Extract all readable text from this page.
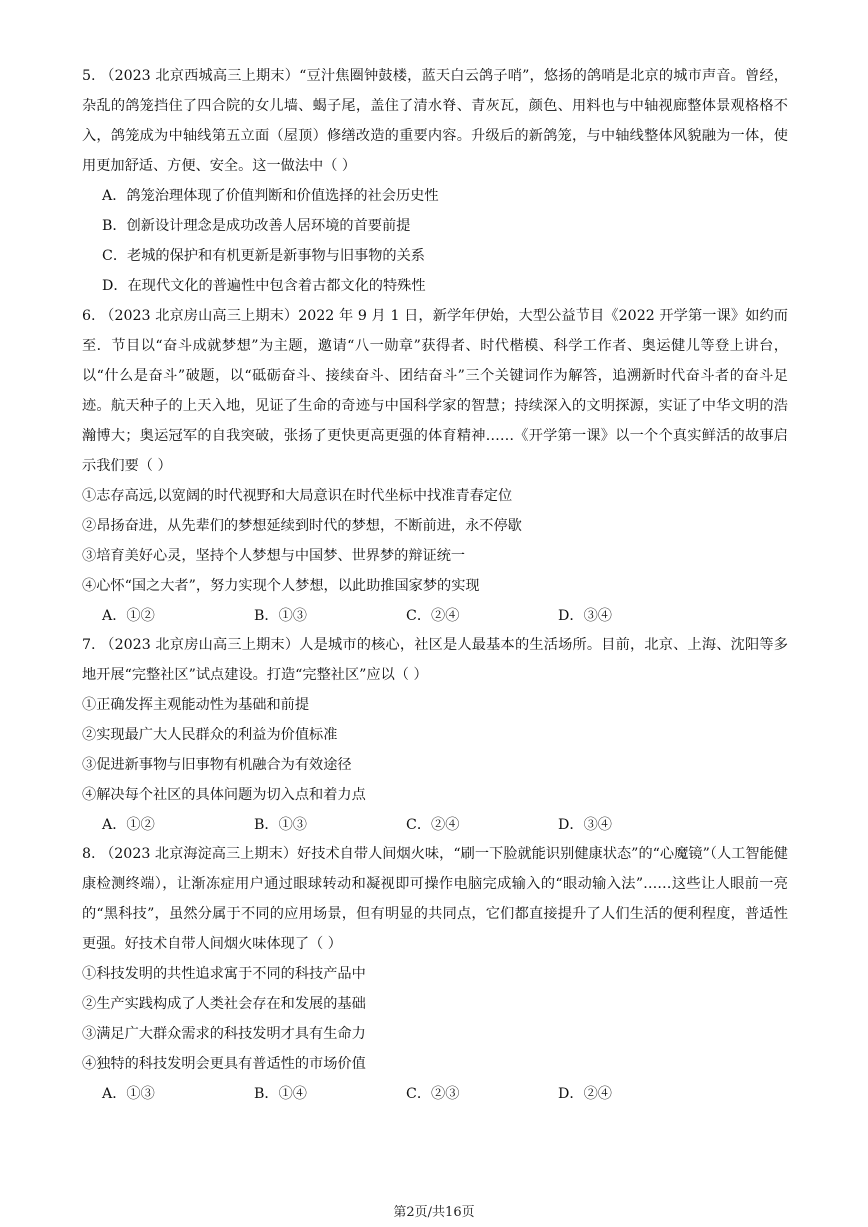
5. （2023 北京西城高三上期末）“豆汁焦圈钟鼓楼，蓝天白云鸽子哨”，悠扬的鸽哨是北京的城市声音。曾经，杂乱的鸽笼挡住了四合院的女儿墙、蝎子尾，盖住了清水脊、青灰瓦，颜色、用料也与中轴视廊整体景观格格不入，鸽笼成为中轴线第五立面（屋顶）修缮改造的重要内容。升级后的新鸽笼，与中轴线整体风貌融为一体，使用更加舒适、方便、安全。这一做法中（ ）

A．鸽笼治理体现了价值判断和价值选择的社会历史性

B．创新设计理念是成功改善人居环境的首要前提

C．老城的保护和有机更新是新事物与旧事物的关系

D．在现代文化的普遍性中包含着古都文化的特殊性

6. （2023 北京房山高三上期末）2022 年 9 月 1 日，新学年伊始，大型公益节目《2022 开学第一课》如约而至．节目以“奋斗成就梦想”为主题，邀请“八一勋章”获得者、时代楷模、科学工作者、奥运健儿等登上讲台，以“什么是奋斗”破题，以“砥砺奋斗、接续奋斗、团结奋斗”三个关键词作为解答，追溯新时代奋斗者的奋斗足迹。航天种子的上天入地，见证了生命的奇迹与中国科学家的智慧；持续深入的文明探源，实证了中华文明的浩瀚博大；奥运冠军的自我突破，张扬了更快更高更强的体育精神……《开学第一课》以一个个真实鲜活的故事启示我们要（ ）

①志存高远,以宽阔的时代视野和大局意识在时代坐标中找准青春定位

②昂扬奋进，从先辈们的梦想延续到时代的梦想，不断前进，永不停歇

③培育美好心灵，坚持个人梦想与中国梦、世界梦的辩证统一

④心怀“国之大者”，努力实现个人梦想，以此助推国家梦的实现

A．①②	B．①③	C．②④	D．③④

7. （2023 北京房山高三上期末）人是城市的核心，社区是人最基本的生活场所。目前，北京、上海、沈阳等多地开展“完整社区”试点建设。打造“完整社区”应以（ ）

①正确发挥主观能动性为基础和前提

②实现最广大人民群众的利益为价值标准

③促进新事物与旧事物有机融合为有效途径

④解决每个社区的具体问题为切入点和着力点

A．①②	B．①③	C．②④	D．③④

8. （2023 北京海淀高三上期末）好技术自带人间烟火味，“刷一下脸就能识别健康状态”的“心魔镜”（人工智能健康检测终端），让渐冻症用户通过眼球转动和凝视即可操作电脑完成输入的“眼动输入法”……这些让人眼前一亮的“黑科技”，虽然分属于不同的应用场景，但有明显的共同点，它们都直接提升了人们生活的便利程度，普适性更强。好技术自带人间烟火味体现了（ ）

①科技发明的共性追求寓于不同的科技产品中

②生产实践构成了人类社会存在和发展的基础

③满足广大群众需求的科技发明才具有生命力

④独特的科技发明会更具有普适性的市场价值

A．①③	B．①④	C．②③	D．②④
第2页/共16页
